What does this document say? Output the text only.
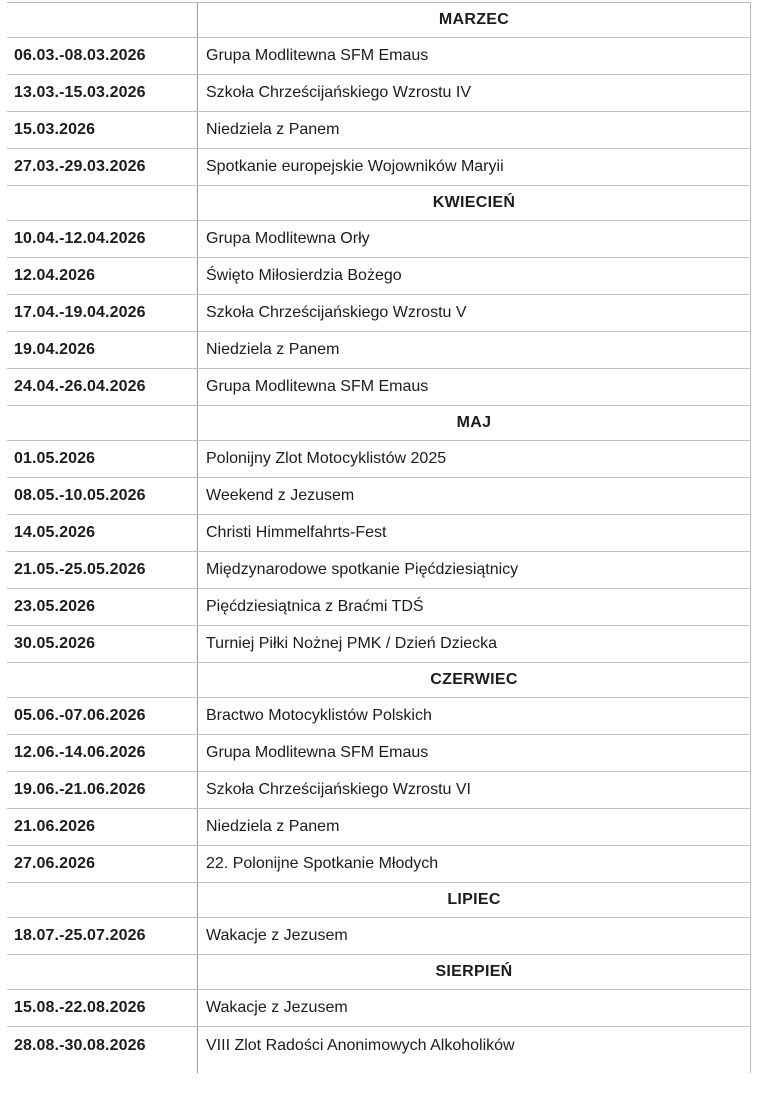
MARZEC
06.03.-08.03.2026	Grupa Modlitewna SFM Emaus
13.03.-15.03.2026	Szkoła Chrześcijańskiego Wzrostu IV
15.03.2026	Niedziela z Panem
27.03.-29.03.2026	Spotkanie europejskie Wojowników Maryii
KWIECIEŃ
10.04.-12.04.2026	Grupa Modlitewna Orły
12.04.2026	Święto Miłosierdzia Bożego
17.04.-19.04.2026	Szkoła Chrześcijańskiego Wzrostu V
19.04.2026	Niedziela z Panem
24.04.-26.04.2026	Grupa Modlitewna SFM Emaus
MAJ
01.05.2026	Polonijny Zlot Motocyklistów 2025
08.05.-10.05.2026	Weekend z Jezusem
14.05.2026	Christi Himmelfahrts-Fest
21.05.-25.05.2026	Międzynarodowe spotkanie Pięćdziesiątnicy
23.05.2026	Pięćdziesiątnica z Braćmi TDŚ
30.05.2026	Turniej Piłki Nożnej PMK / Dzień Dziecka
CZERWIEC
05.06.-07.06.2026	Bractwo Motocyklistów Polskich
12.06.-14.06.2026	Grupa Modlitewna SFM Emaus
19.06.-21.06.2026	Szkoła Chrześcijańskiego Wzrostu VI
21.06.2026	Niedziela z Panem
27.06.2026	22. Polonijne Spotkanie Młodych
LIPIEC
18.07.-25.07.2026	Wakacje z Jezusem
SIERPIEŃ
15.08.-22.08.2026	Wakacje z Jezusem
28.08.-30.08.2026	VIII Zlot Radości Anonimowych Alkoholików
